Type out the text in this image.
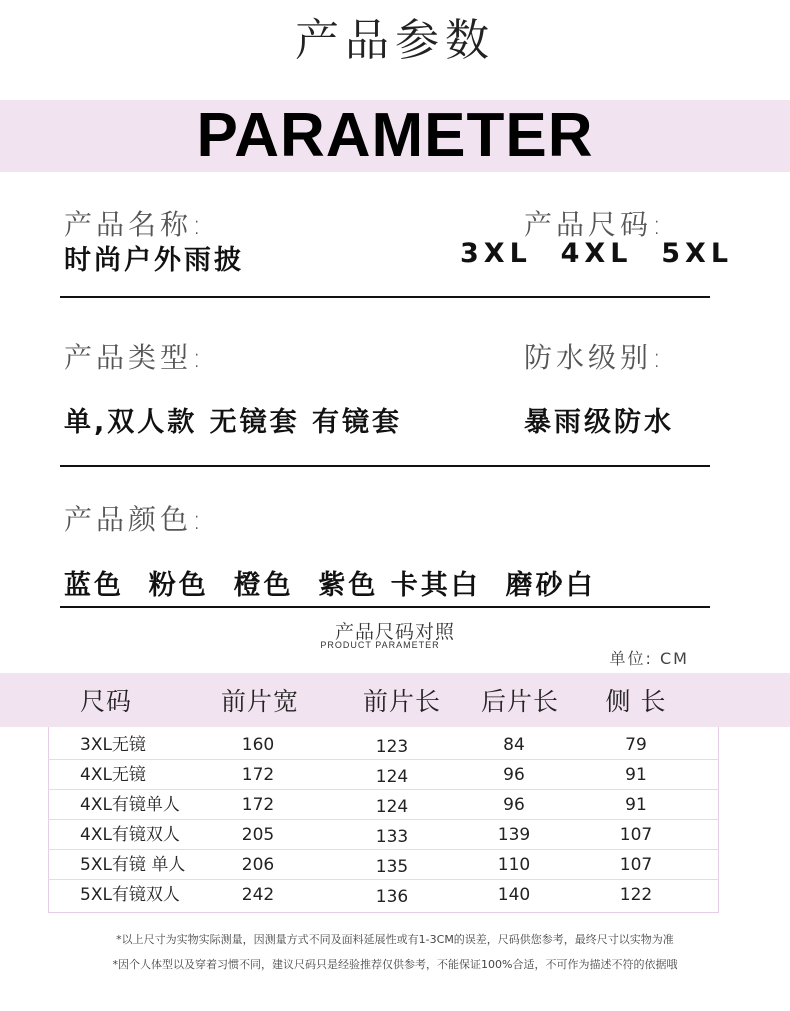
产品参数
PARAMETER
产品名称:
时尚户外雨披
产品尺码:
3XL  4XL  5XL
产品类型:
单,双人款 无镜套 有镜套
防水级别:
暴雨级防水
产品颜色:
蓝色  粉色  橙色  紫色 卡其白  磨砂白
产品尺码对照
PRODUCT PARAMETER
单位: CM
尺码	前片宽	前片长	后片长	侧 长
3XL无镜	160	123	84	79
4XL无镜	172	124	96	91
4XL有镜单人	172	124	96	91
4XL有镜双人	205	133	139	107
5XL有镜 单人	206	135	110	107
5XL有镜双人	242	136	140	122
*以上尺寸为实物实际测量，因测量方式不同及面料延展性或有1-3CM的误差，尺码供您参考，最终尺寸以实物为准
*因个人体型以及穿着习惯不同，建议尺码只是经验推荐仅供参考，不能保证100%合适，不可作为描述不符的依据哦
